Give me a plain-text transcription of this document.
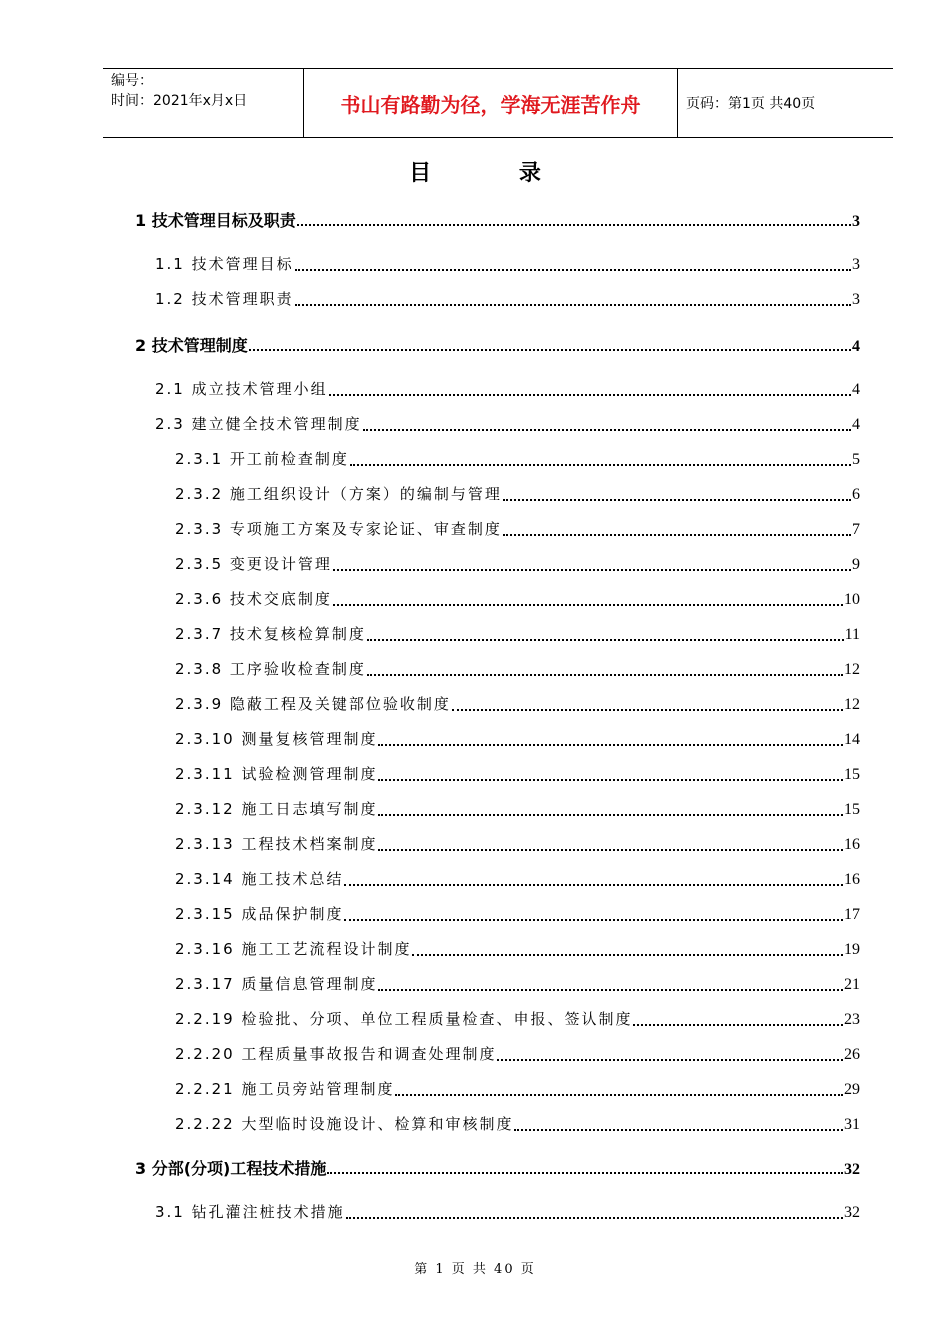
编号：
时间：2021年x月x日	书山有路勤为径，学海无涯苦作舟	页码：第1页 共40页
目 录
1 技术管理目标及职责	3
1.1 技术管理目标	3
1.2 技术管理职责	3
2 技术管理制度	4
2.1 成立技术管理小组	4
2.3 建立健全技术管理制度	4
2.3.1 开工前检查制度	5
2.3.2 施工组织设计（方案）的编制与管理	6
2.3.3 专项施工方案及专家论证、审查制度	7
2.3.5 变更设计管理	9
2.3.6 技术交底制度	10
2.3.7 技术复核检算制度	11
2.3.8 工序验收检查制度	12
2.3.9 隐蔽工程及关键部位验收制度	12
2.3.10 测量复核管理制度	14
2.3.11 试验检测管理制度	15
2.3.12 施工日志填写制度	15
2.3.13 工程技术档案制度	16
2.3.14 施工技术总结	16
2.3.15 成品保护制度	17
2.3.16 施工工艺流程设计制度	19
2.3.17 质量信息管理制度	21
2.2.19 检验批、分项、单位工程质量检查、申报、签认制度	23
2.2.20 工程质量事故报告和调查处理制度	26
2.2.21 施工员旁站管理制度	29
2.2.22 大型临时设施设计、检算和审核制度	31
3 分部(分项)工程技术措施	32
3.1 钻孔灌注桩技术措施	32
第 1 页 共 40 页
